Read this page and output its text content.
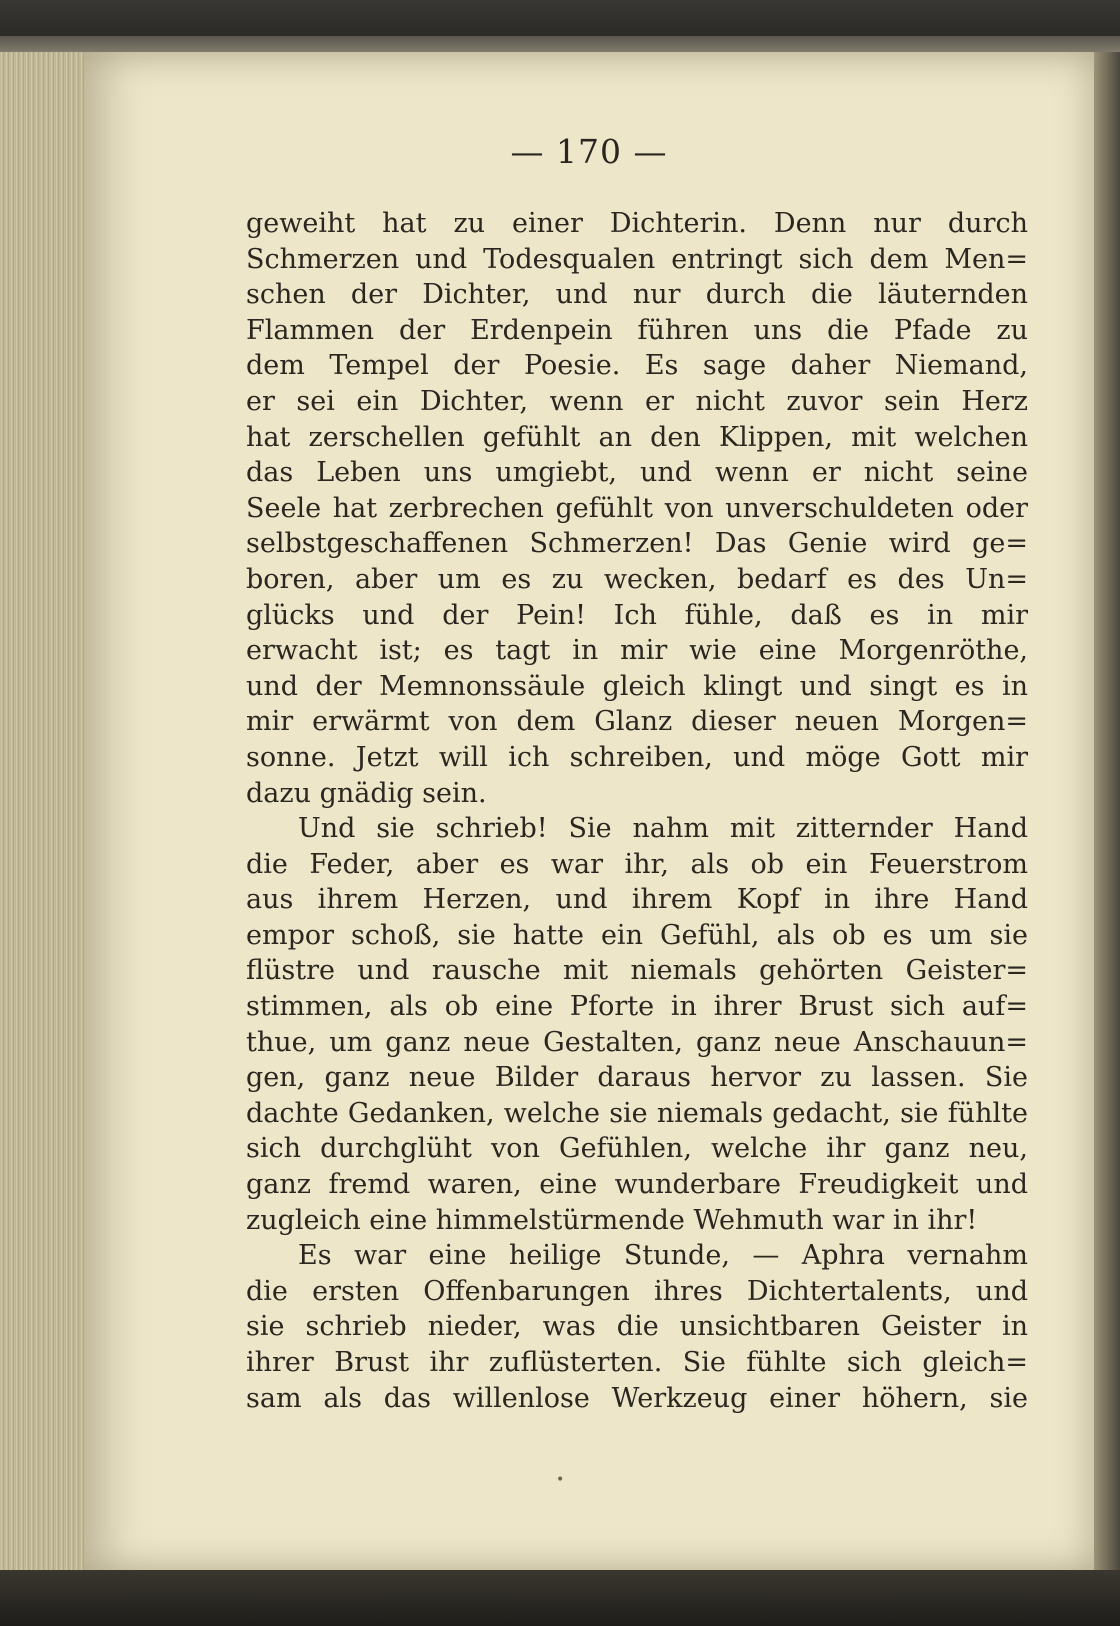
— 170 —
geweiht hat zu einer Dichterin. Denn nur durch
Schmerzen und Todesqualen entringt sich dem Men=
schen der Dichter, und nur durch die läuternden
Flammen der Erdenpein führen uns die Pfade zu
dem Tempel der Poesie. Es sage daher Niemand,
er sei ein Dichter, wenn er nicht zuvor sein Herz
hat zerschellen gefühlt an den Klippen, mit welchen
das Leben uns umgiebt, und wenn er nicht seine
Seele hat zerbrechen gefühlt von unverschuldeten oder
selbstgeschaffenen Schmerzen! Das Genie wird ge=
boren, aber um es zu wecken, bedarf es des Un=
glücks und der Pein! Ich fühle, daß es in mir
erwacht ist; es tagt in mir wie eine Morgenröthe,
und der Memnonssäule gleich klingt und singt es in
mir erwärmt von dem Glanz dieser neuen Morgen=
sonne. Jetzt will ich schreiben, und möge Gott mir
dazu gnädig sein.
Und sie schrieb! Sie nahm mit zitternder Hand
die Feder, aber es war ihr, als ob ein Feuerstrom
aus ihrem Herzen, und ihrem Kopf in ihre Hand
empor schoß, sie hatte ein Gefühl, als ob es um sie
flüstre und rausche mit niemals gehörten Geister=
stimmen, als ob eine Pforte in ihrer Brust sich auf=
thue, um ganz neue Gestalten, ganz neue Anschauun=
gen, ganz neue Bilder daraus hervor zu lassen. Sie
dachte Gedanken, welche sie niemals gedacht, sie fühlte
sich durchglüht von Gefühlen, welche ihr ganz neu,
ganz fremd waren, eine wunderbare Freudigkeit und
zugleich eine himmelstürmende Wehmuth war in ihr!
Es war eine heilige Stunde, — Aphra vernahm
die ersten Offenbarungen ihres Dichtertalents, und
sie schrieb nieder, was die unsichtbaren Geister in
ihrer Brust ihr zuflüsterten. Sie fühlte sich gleich=
sam als das willenlose Werkzeug einer höhern, sie
•
